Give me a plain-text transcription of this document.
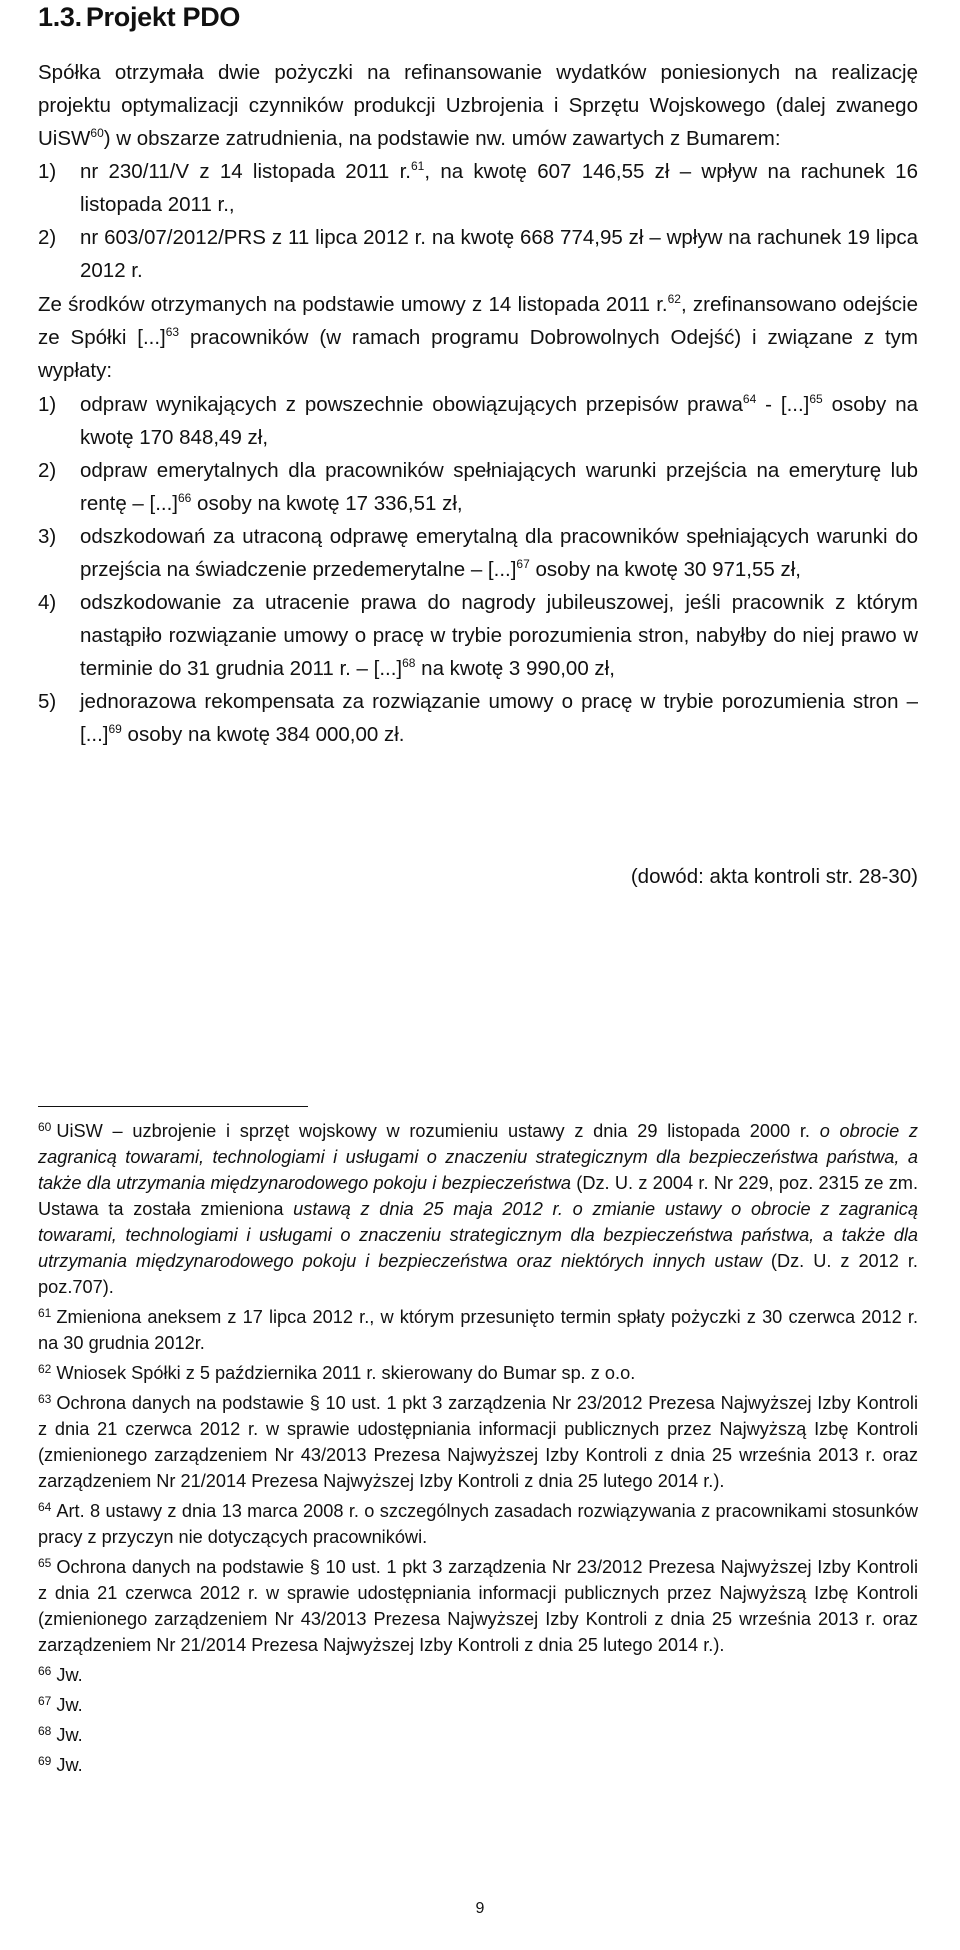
1.3. Projekt PDO

Spółka otrzymała dwie pożyczki na refinansowanie wydatków poniesionych na realizację projektu optymalizacji czynników produkcji Uzbrojenia i Sprzętu Wojskowego (dalej zwanego UiSW$^{60}$) w obszarze zatrudnienia, na podstawie nw. umów zawartych z Bumarem:

1) nr 230/11/V z 14 listopada 2011 r.$^{61}$, na kwotę 607 146,55 zł – wpływ na rachunek 16 listopada 2011 r.,
2) nr 603/07/2012/PRS z 11 lipca 2012 r. na kwotę 668 774,95 zł – wpływ na rachunek 19 lipca 2012 r.

Ze środków otrzymanych na podstawie umowy z 14 listopada 2011 r.$^{62}$, zrefinansowano odejście ze Spółki [...]$^{63}$ pracowników (w ramach programu Dobrowolnych Odejść) i związane z tym wypłaty:

1) odpraw wynikających z powszechnie obowiązujących przepisów prawa$^{64}$ - [...]$^{65}$ osoby na kwotę 170 848,49 zł,
2) odpraw emerytalnych dla pracowników spełniających warunki przejścia na emeryturę lub rentę – [...]$^{66}$ osoby na kwotę 17 336,51 zł,
3) odszkodowań za utraconą odprawę emerytalną dla pracowników spełniających warunki do przejścia na świadczenie przedemerytalne – [...]$^{67}$ osoby na kwotę 30 971,55 zł,
4) odszkodowanie za utracenie prawa do nagrody jubileuszowej, jeśli pracownik z którym nastąpiło rozwiązanie umowy o pracę w trybie porozumienia stron, nabyłby do niej prawo w terminie do 31 grudnia 2011 r. – [...]$^{68}$ na kwotę 3 990,00 zł,
5) jednorazowa rekompensata za rozwiązanie umowy o pracę w trybie porozumienia stron – [...]$^{69}$ osoby na kwotę 384 000,00 zł.
(dowód: akta kontroli str. 28-30)

$^{60}$ UiSW – uzbrojenie i sprzęt wojskowy w rozumieniu ustawy z dnia 29 listopada 2000 r. o obrocie z zagranicą towarami, technologiami i usługami o znaczeniu strategicznym dla bezpieczeństwa państwa, a także dla utrzymania międzynarodowego pokoju i bezpieczeństwa (Dz. U. z 2004 r. Nr 229, poz. 2315 ze zm. Ustawa ta została zmieniona ustawą z dnia 25 maja 2012 r. o zmianie ustawy o obrocie z zagranicą towarami, technologiami i usługami o znaczeniu strategicznym dla bezpieczeństwa państwa, a także dla utrzymania międzynarodowego pokoju i bezpieczeństwa oraz niektórych innych ustaw (Dz. U. z 2012 r. poz.707).

$^{61}$ Zmieniona aneksem z 17 lipca 2012 r., w którym przesunięto termin spłaty pożyczki z 30 czerwca 2012 r. na 30 grudnia 2012r.

$^{62}$ Wniosek Spółki z 5 października 2011 r. skierowany do Bumar sp. z o.o.

$^{63}$ Ochrona danych na podstawie § 10 ust. 1 pkt 3 zarządzenia Nr 23/2012 Prezesa Najwyższej Izby Kontroli z dnia 21 czerwca 2012 r. w sprawie udostępniania informacji publicznych przez Najwyższą Izbę Kontroli (zmienionego zarządzeniem Nr 43/2013 Prezesa Najwyższej Izby Kontroli z dnia 25 września 2013 r. oraz zarządzeniem Nr 21/2014 Prezesa Najwyższej Izby Kontroli z dnia 25 lutego 2014 r.).

$^{64}$ Art. 8 ustawy z dnia 13 marca 2008 r. o szczególnych zasadach rozwiązywania z pracownikami stosunków pracy z przyczyn nie dotyczących pracownikówi.

$^{65}$ Ochrona danych na podstawie § 10 ust. 1 pkt 3 zarządzenia Nr 23/2012 Prezesa Najwyższej Izby Kontroli z dnia 21 czerwca 2012 r. w sprawie udostępniania informacji publicznych przez Najwyższą Izbę Kontroli (zmienionego zarządzeniem Nr 43/2013 Prezesa Najwyższej Izby Kontroli z dnia 25 września 2013 r. oraz zarządzeniem Nr 21/2014 Prezesa Najwyższej Izby Kontroli z dnia 25 lutego 2014 r.).

$^{66}$ Jw.

$^{67}$ Jw.

$^{68}$ Jw.

$^{69}$ Jw.

9
